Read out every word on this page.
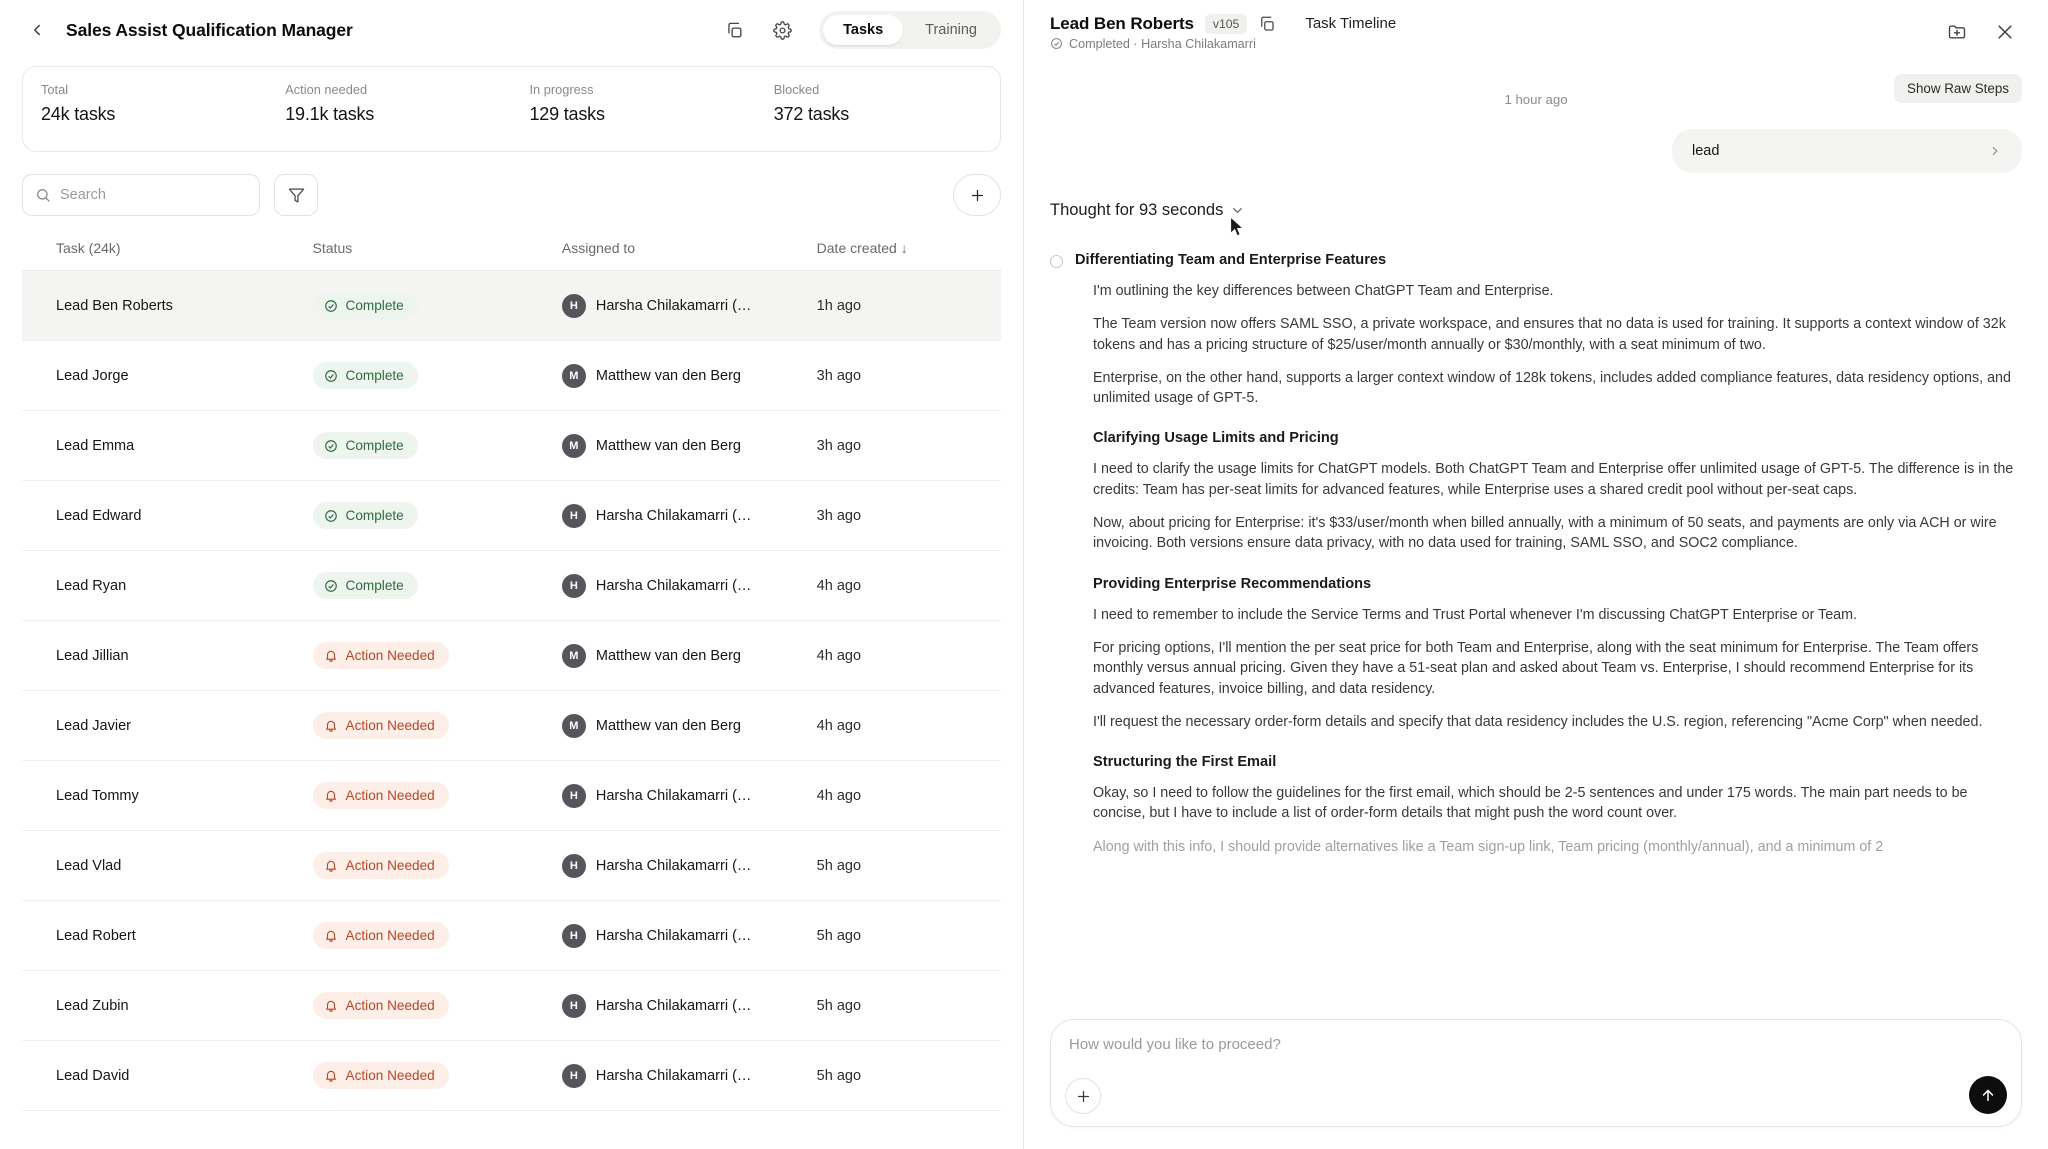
Sales Assist Qualification Manager	Tasks	Training
Total
24k tasks
Action needed
19.1k tasks
In progress
129 tasks
Blocked
372 tasks
Search
Task (24k)	Status	Assigned to	Date created ↓
Lead Ben Roberts	Complete	H Harsha Chilakamarri (…	1h ago
Lead Jorge	Complete	M Matthew van den Berg	3h ago
Lead Emma	Complete	M Matthew van den Berg	3h ago
Lead Edward	Complete	H Harsha Chilakamarri (…	3h ago
Lead Ryan	Complete	H Harsha Chilakamarri (…	4h ago
Lead Jillian	Action Needed	M Matthew van den Berg	4h ago
Lead Javier	Action Needed	M Matthew van den Berg	4h ago
Lead Tommy	Action Needed	H Harsha Chilakamarri (…	4h ago
Lead Vlad	Action Needed	H Harsha Chilakamarri (…	5h ago
Lead Robert	Action Needed	H Harsha Chilakamarri (…	5h ago
Lead Zubin	Action Needed	H Harsha Chilakamarri (…	5h ago
Lead David	Action Needed	H Harsha Chilakamarri (…	5h ago
Lead Ben Roberts	v105	Task Timeline
Completed · Harsha Chilakamarri
Show Raw Steps
1 hour ago
lead
Thought for 93 seconds
Differentiating Team and Enterprise Features
I'm outlining the key differences between ChatGPT Team and Enterprise.
The Team version now offers SAML SSO, a private workspace, and ensures that no data is used for training. It supports a context window of 32k tokens and has a pricing structure of $25/user/month annually or $30/monthly, with a seat minimum of two.
Enterprise, on the other hand, supports a larger context window of 128k tokens, includes added compliance features, data residency options, and unlimited usage of GPT-5.
Clarifying Usage Limits and Pricing
I need to clarify the usage limits for ChatGPT models. Both ChatGPT Team and Enterprise offer unlimited usage of GPT-5. The difference is in the credits: Team has per-seat limits for advanced features, while Enterprise uses a shared credit pool without per-seat caps.
Now, about pricing for Enterprise: it's $33/user/month when billed annually, with a minimum of 50 seats, and payments are only via ACH or wire invoicing. Both versions ensure data privacy, with no data used for training, SAML SSO, and SOC2 compliance.
Providing Enterprise Recommendations
I need to remember to include the Service Terms and Trust Portal whenever I'm discussing ChatGPT Enterprise or Team.
For pricing options, I'll mention the per seat price for both Team and Enterprise, along with the seat minimum for Enterprise. The Team offers monthly versus annual pricing. Given they have a 51-seat plan and asked about Team vs. Enterprise, I should recommend Enterprise for its advanced features, invoice billing, and data residency.
I'll request the necessary order-form details and specify that data residency includes the U.S. region, referencing "Acme Corp" when needed.
Structuring the First Email
Okay, so I need to follow the guidelines for the first email, which should be 2-5 sentences and under 175 words. The main part needs to be concise, but I have to include a list of order-form details that might push the word count over.
Along with this info, I should provide alternatives like a Team sign-up link, Team pricing (monthly/annual), and a minimum of 2
How would you like to proceed?
